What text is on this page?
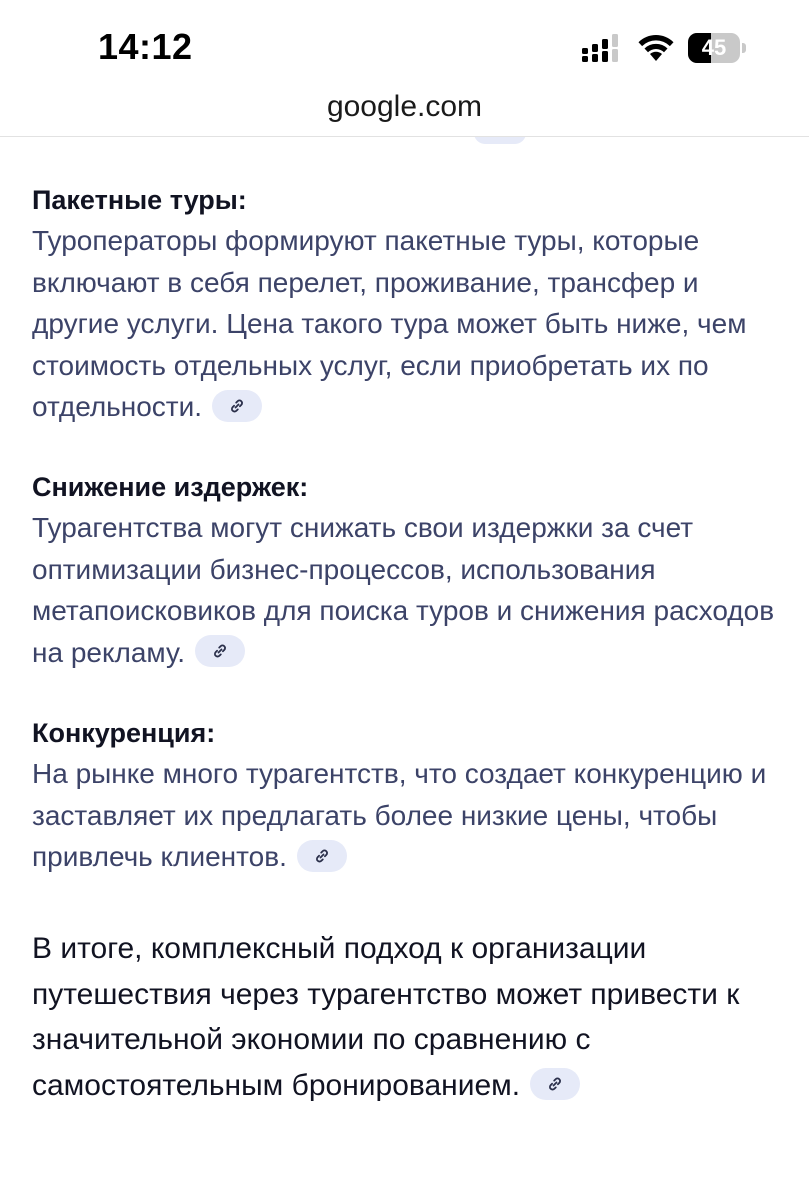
Пакетные туры:

Туроператоры формируют пакетные туры, которые включают в себя перелет, проживание, трансфер и другие услуги. Цена такого тура может быть ниже, чем стоимость отдельных услуг, если приобретать их по отдельности.

Снижение издержек:

Турагентства могут снижать свои издержки за счет оптимизации бизнес-процессов, использования метапоисковиков для поиска туров и снижения расходов на рекламу.

Конкуренция:

На рынке много турагентств, что создает конкуренцию и заставляет их предлагать более низкие цены, чтобы привлечь клиентов.

В итоге, комплексный подход к организации путешествия через турагентство может привести к значительной экономии по сравнению с самостоятельным бронированием.
14:12	45
google.com
